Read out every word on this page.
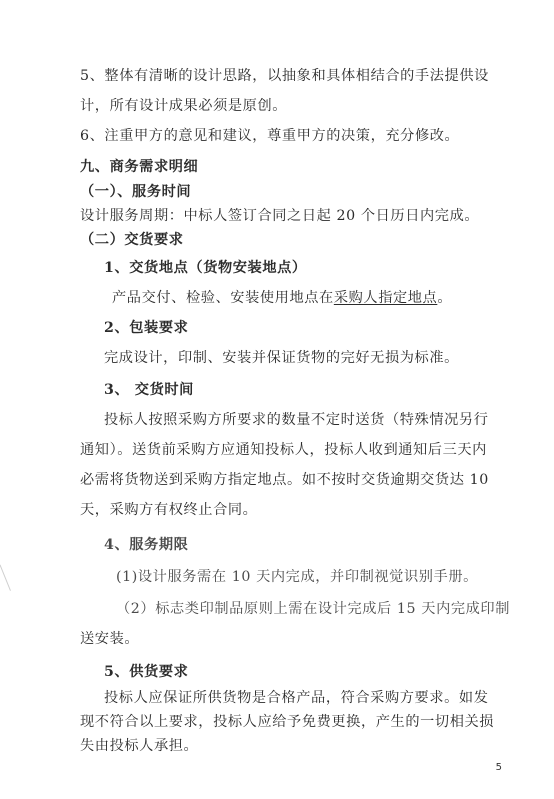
5、整体有清晰的设计思路，以抽象和具体相结合的手法提供设
计，所有设计成果必须是原创。
6、注重甲方的意见和建议，尊重甲方的决策，充分修改。
九、商务需求明细
（一）、服务时间
设计服务周期：中标人签订合同之日起 20 个日历日内完成。
（二）交货要求
1、交货地点（货物安装地点）
产品交付、检验、安装使用地点在采购人指定地点。
2、包装要求
完成设计，印制、安装并保证货物的完好无损为标准。
3、 交货时间
投标人按照采购方所要求的数量不定时送货（特殊情况另行
通知）。送货前采购方应通知投标人，投标人收到通知后三天内
必需将货物送到采购方指定地点。如不按时交货逾期交货达 10
天，采购方有权终止合同。
4、服务期限
(1)设计服务需在 10 天内完成，并印制视觉识别手册。
（2）标志类印制品原则上需在设计完成后 15 天内完成印制
送安装。
5、供货要求
投标人应保证所供货物是合格产品，符合采购方要求。如发
现不符合以上要求，投标人应给予免费更换，产生的一切相关损
失由投标人承担。
5
